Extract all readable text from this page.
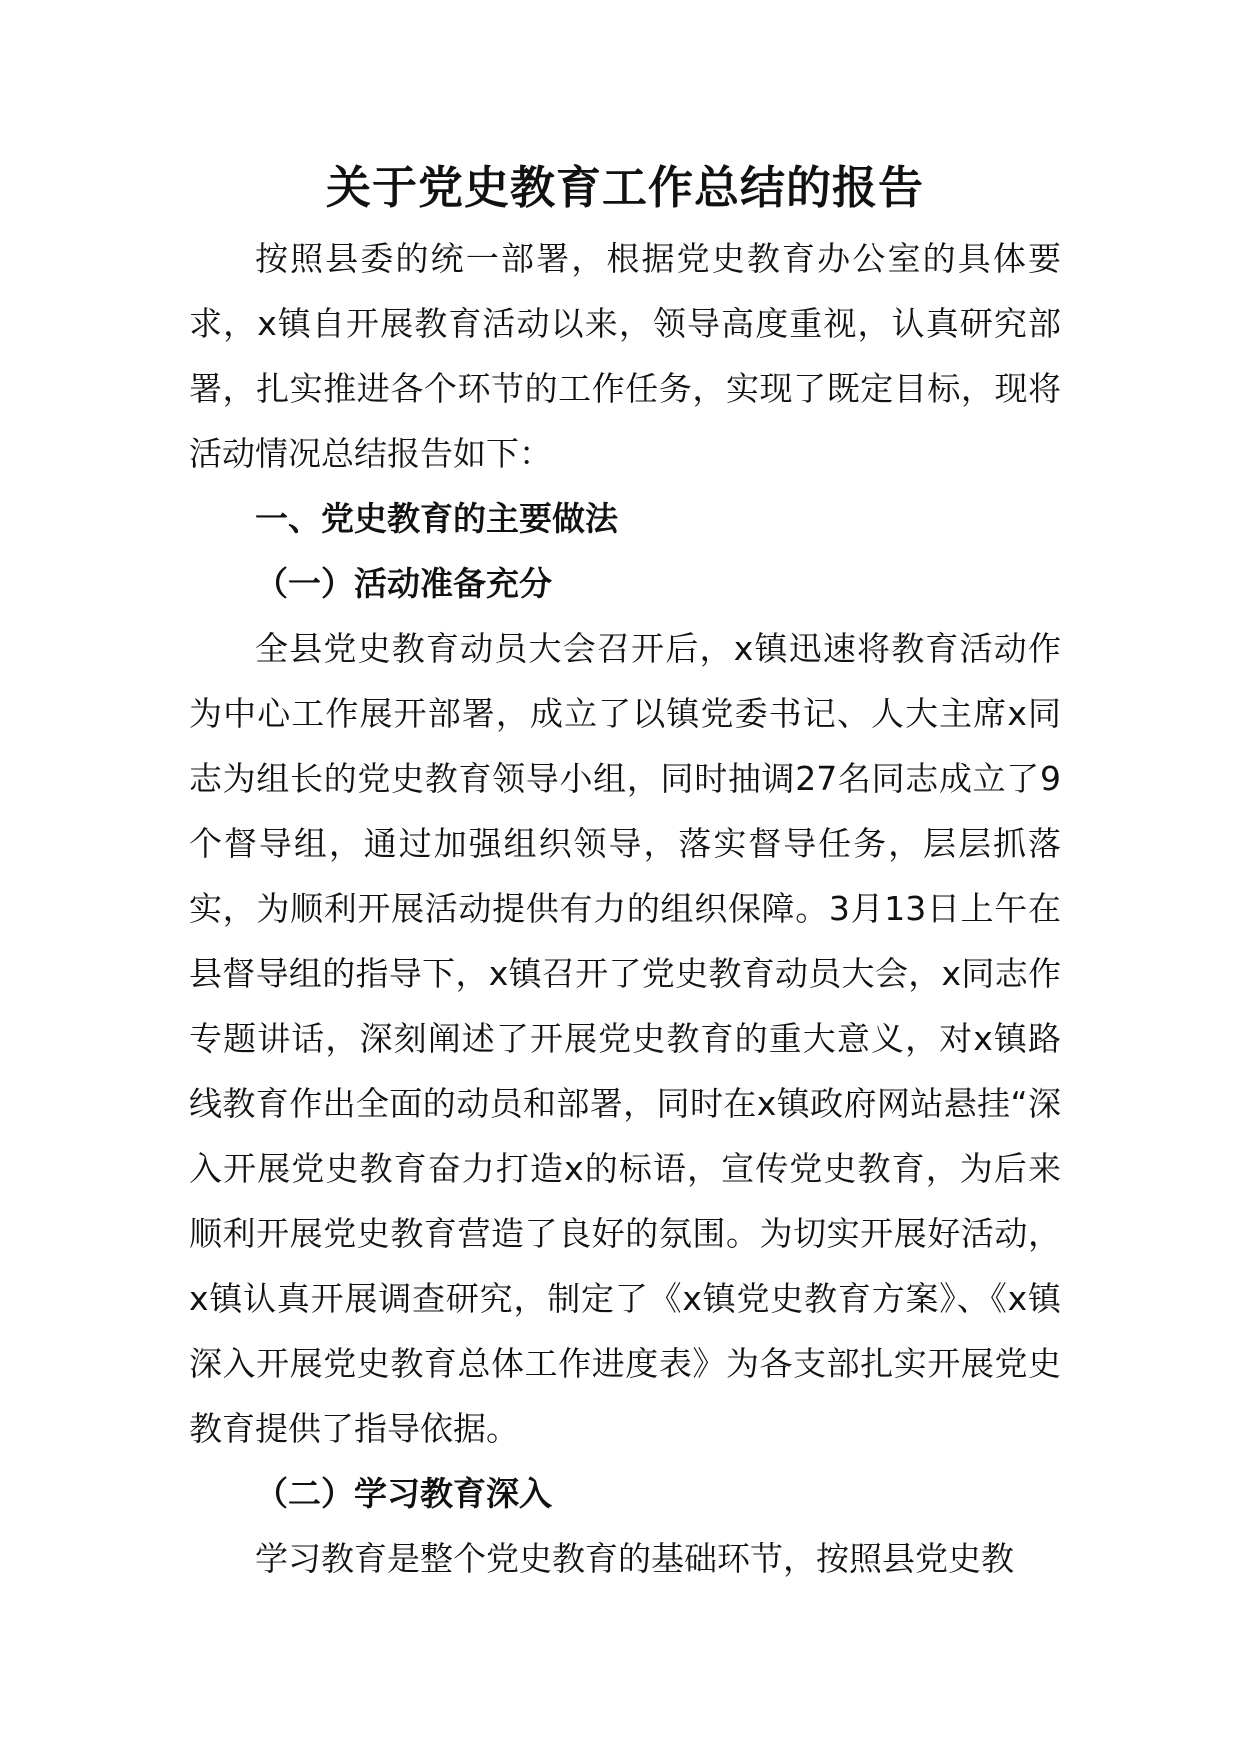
关于党史教育工作总结的报告

按照县委的统一部署，根据党史教育办公室的具体要求，x镇自开展教育活动以来，领导高度重视，认真研究部署，扎实推进各个环节的工作任务，实现了既定目标，现将活动情况总结报告如下：

一、党史教育的主要做法

（一）活动准备充分

全县党史教育动员大会召开后，x镇迅速将教育活动作为中心工作展开部署，成立了以镇党委书记、人大主席x同志为组长的党史教育领导小组，同时抽调27名同志成立了9个督导组，通过加强组织领导，落实督导任务，层层抓落实，为顺利开展活动提供有力的组织保障。3月13日上午在县督导组的指导下，x镇召开了党史教育动员大会，x同志作专题讲话，深刻阐述了开展党史教育的重大意义，对x镇路线教育作出全面的动员和部署，同时在x镇政府网站悬挂“深入开展党史教育奋力打造x的标语，宣传党史教育，为后来顺利开展党史教育营造了良好的氛围。为切实开展好活动，x镇认真开展调查研究，制定了《x镇党史教育方案》、《x镇深入开展党史教育总体工作进度表》为各支部扎实开展党史教育提供了指导依据。

（二）学习教育深入

学习教育是整个党史教育的基础环节，按照县党史教
